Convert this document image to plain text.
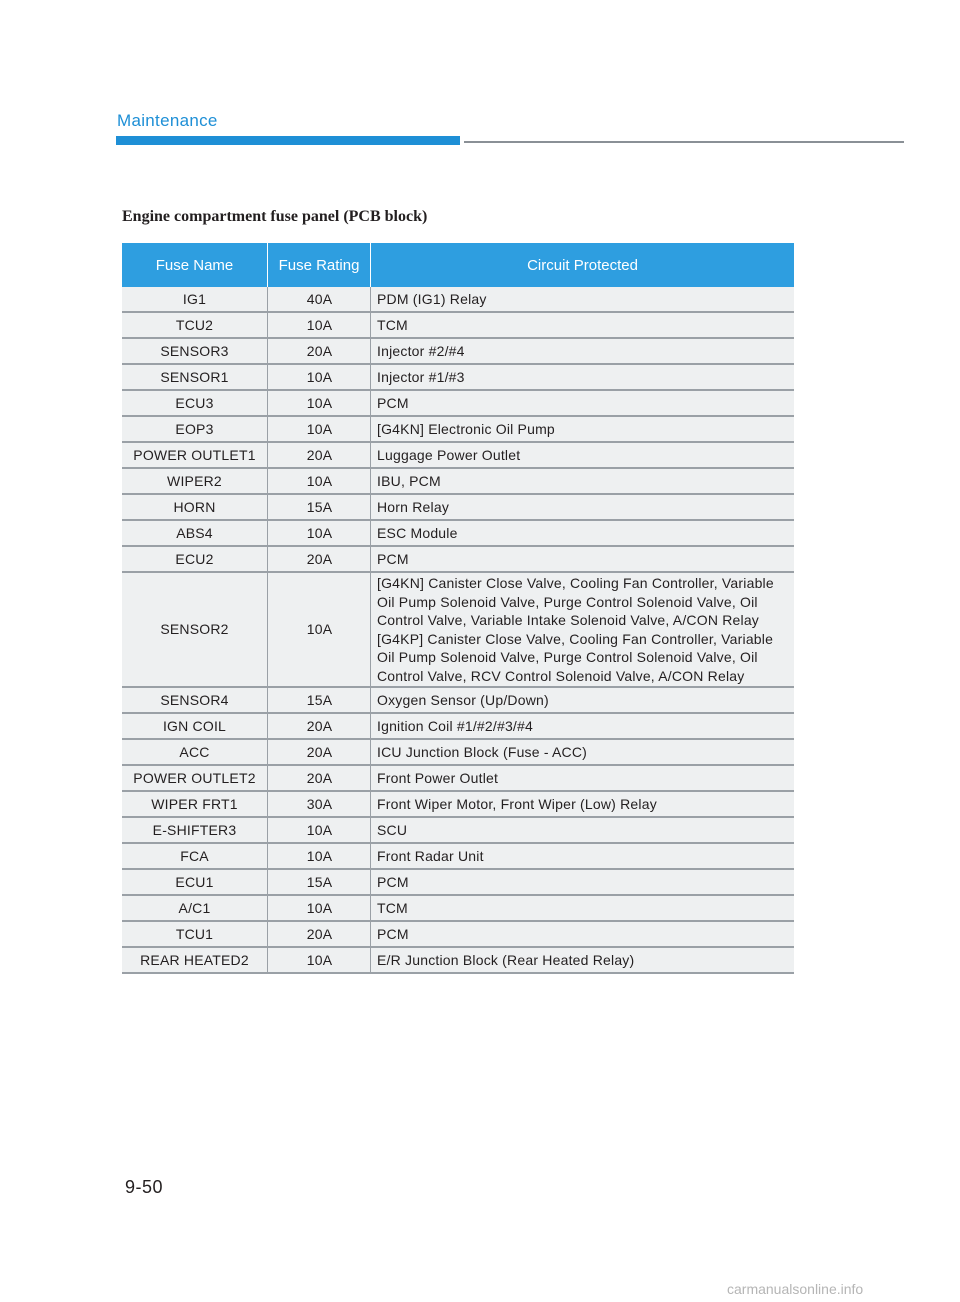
Maintenance
Engine compartment fuse panel (PCB block)
Fuse Name	Fuse Rating	Circuit Protected
IG1	40A	PDM (IG1) Relay
TCU2	10A	TCM
SENSOR3	20A	Injector #2/#4
SENSOR1	10A	Injector #1/#3
ECU3	10A	PCM
EOP3	10A	[G4KN] Electronic Oil Pump
POWER OUTLET1	20A	Luggage Power Outlet
WIPER2	10A	IBU, PCM
HORN	15A	Horn Relay
ABS4	10A	ESC Module
ECU2	20A	PCM
SENSOR2	10A	[G4KN] Canister Close Valve, Cooling Fan Controller, Variable Oil Pump Solenoid Valve, Purge Control Solenoid Valve, Oil Control Valve, Variable Intake Solenoid Valve, A/CON Relay
[G4KP] Canister Close Valve, Cooling Fan Controller, Variable Oil Pump Solenoid Valve, Purge Control Solenoid Valve, Oil Control Valve, RCV Control Solenoid Valve, A/CON Relay
SENSOR4	15A	Oxygen Sensor (Up/Down)
IGN COIL	20A	Ignition Coil #1/#2/#3/#4
ACC	20A	ICU Junction Block (Fuse - ACC)
POWER OUTLET2	20A	Front Power Outlet
WIPER FRT1	30A	Front Wiper Motor, Front Wiper (Low) Relay
E-SHIFTER3	10A	SCU
FCA	10A	Front Radar Unit
ECU1	15A	PCM
A/C1	10A	TCM
TCU1	20A	PCM
REAR HEATED2	10A	E/R Junction Block (Rear Heated Relay)
9-50
carmanualsonline.info
